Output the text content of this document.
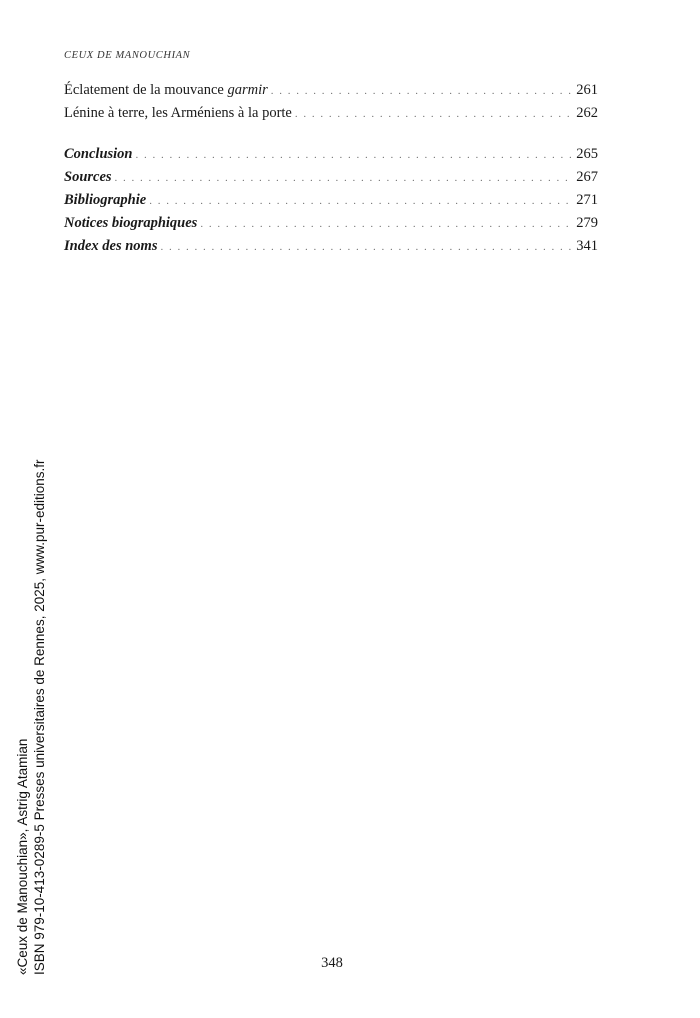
CEUX DE MANOUCHIAN
Éclatement de la mouvance garmir . . .	261
Lénine à terre, les Arméniens à la porte . . .	262
Conclusion . . .	265
Sources . . .	267
Bibliographie . . .	271
Notices biographiques . . .	279
Index des noms . . .	341
«Ceux de Manouchian», Astrig Atamian ISBN 979-10-413-0289-5 Presses universitaires de Rennes, 2025, www.pur-editions.fr	348
